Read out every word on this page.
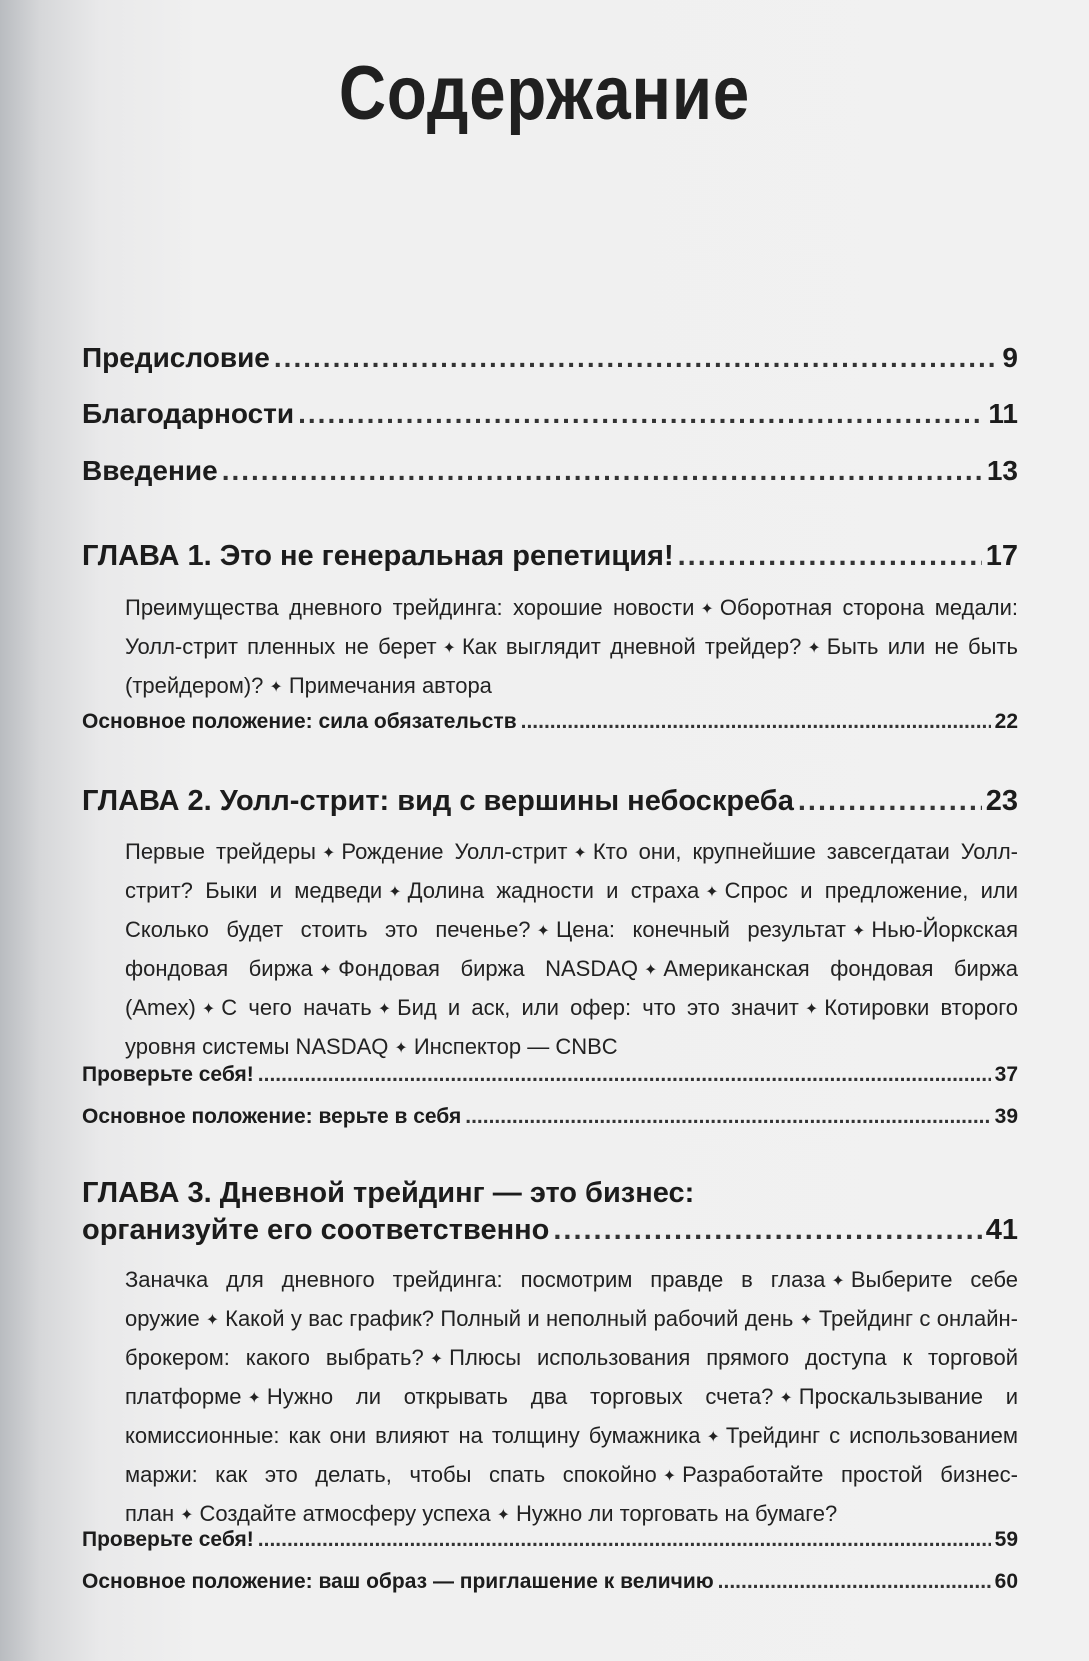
Содержание
Предисловие .....	9
Благодарности .....	11
Введение .....	13
ГЛАВА 1. Это не генеральная репетиция! .....	17

Преимущества дневного трейдинга: хорошие новости ✦ Оборотная сторона медали: Уолл-стрит пленных не берет ✦ Как выглядит дневной трейдер? ✦ Быть или не быть (трейдером)? ✦ Примечания автора

Основное положение: сила обязательств .....	22
ГЛАВА 2. Уолл-стрит: вид с вершины небоскреба .....	23

Первые трейдеры ✦ Рождение Уолл-стрит ✦ Кто они, крупнейшие завсегдатаи Уолл-стрит? Быки и медведи ✦ Долина жадности и страха ✦ Спрос и предложение, или Сколько будет стоить это печенье? ✦ Цена: конечный результат ✦ Нью-Йоркская фондовая биржа ✦ Фондовая биржа NASDAQ ✦ Американская фондовая биржа (Amex) ✦ С чего начать ✦ Бид и аск, или офер: что это значит ✦ Котировки второго уровня системы NASDAQ ✦ Инспектор — CNBC

Проверьте себя! .....	37
Основное положение: верьте в себя .....	39
ГЛАВА 3. Дневной трейдинг — это бизнес:
организуйте его соответственно .....	41

Заначка для дневного трейдинга: посмотрим правде в глаза ✦ Выберите себе оружие ✦ Какой у вас график? Полный и неполный рабочий день ✦ Трейдинг с онлайн-брокером: какого выбрать? ✦ Плюсы использования прямого доступа к торговой платформе ✦ Нужно ли открывать два торговых счета? ✦ Проскальзывание и комиссионные: как они влияют на толщину бумажника ✦ Трейдинг с использованием маржи: как это делать, чтобы спать спокойно ✦ Разработайте простой бизнес-план ✦ Создайте атмосферу успеха ✦ Нужно ли торговать на бумаге?

Проверьте себя! .....	59
Основное положение: ваш образ — приглашение к величию .....	60
